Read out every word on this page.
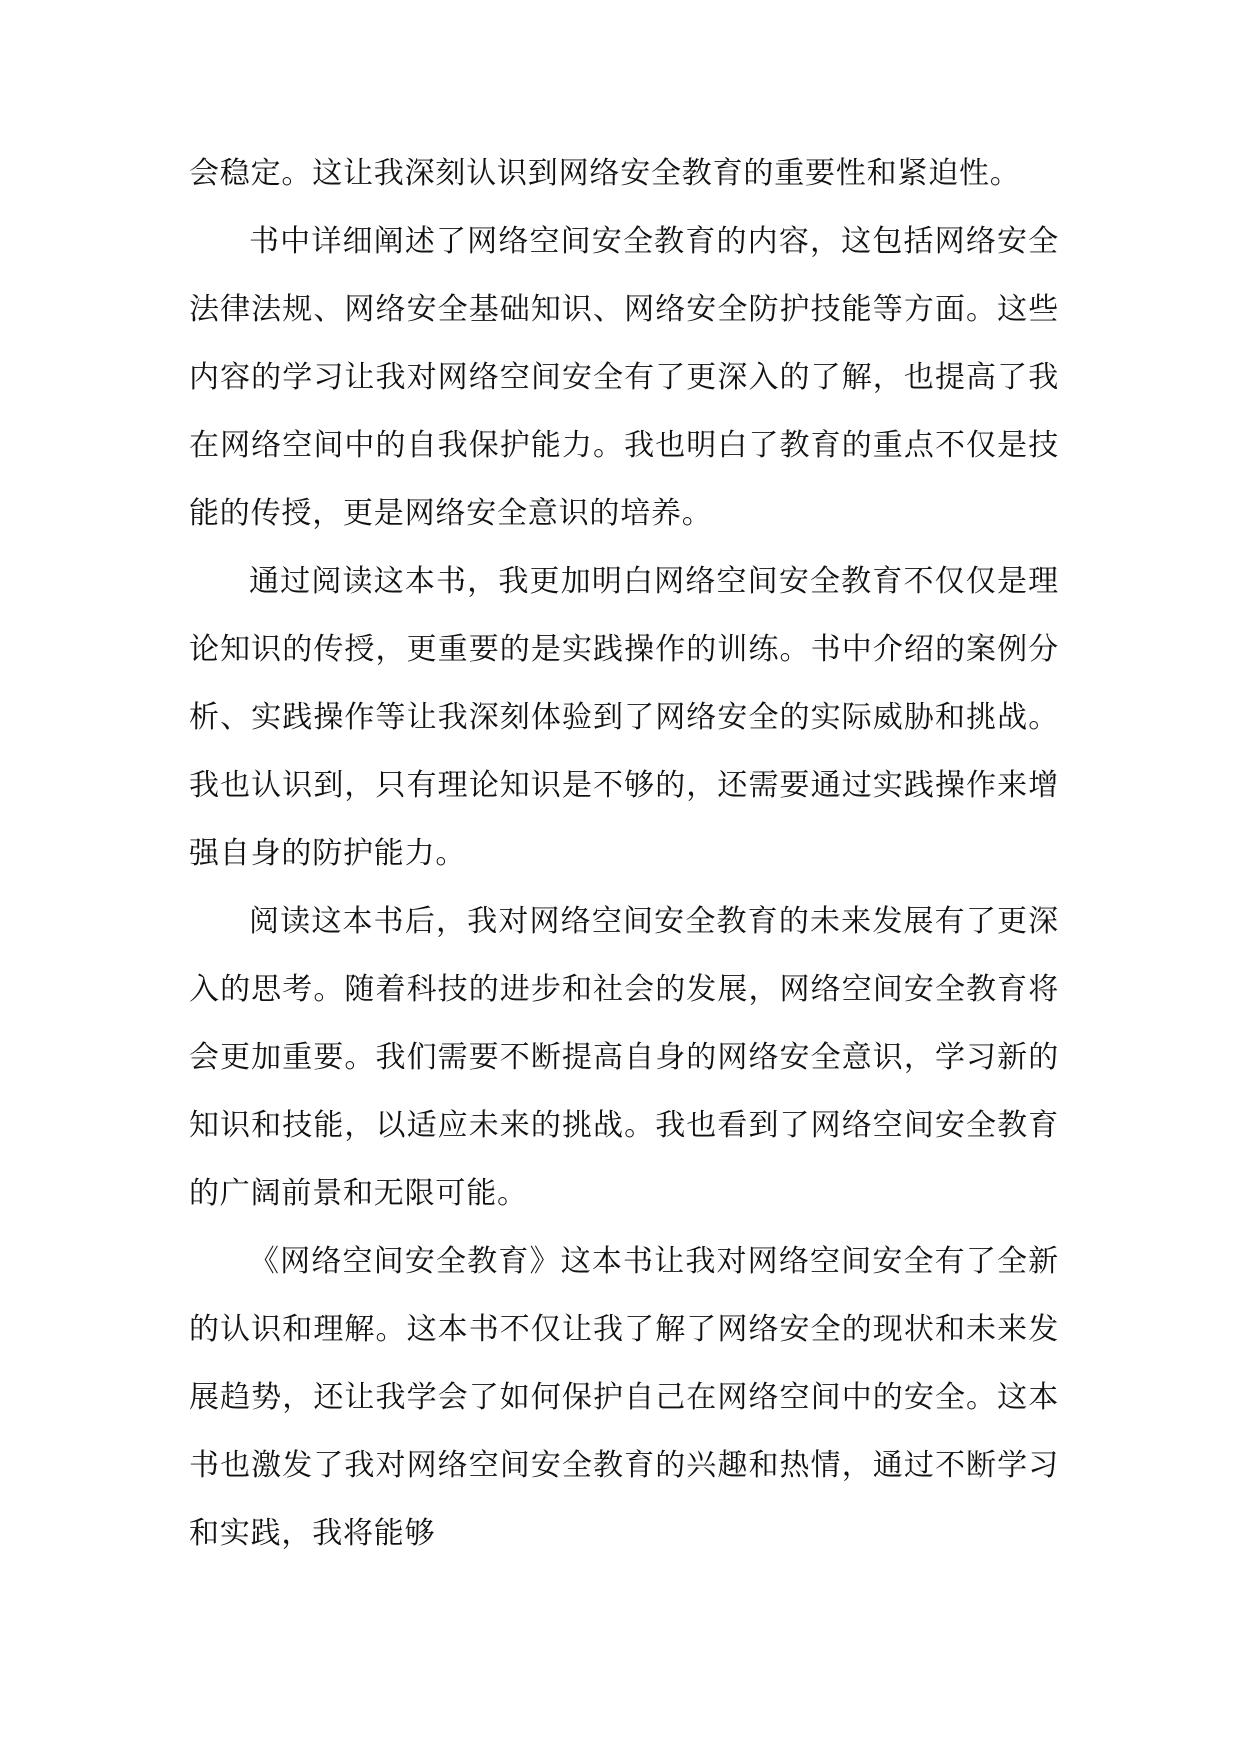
会稳定。这让我深刻认识到网络安全教育的重要性和紧迫性。

书中详细阐述了网络空间安全教育的内容，这包括网络安全法律法规、网络安全基础知识、网络安全防护技能等方面。这些内容的学习让我对网络空间安全有了更深入的了解，也提高了我在网络空间中的自我保护能力。我也明白了教育的重点不仅是技能的传授，更是网络安全意识的培养。

通过阅读这本书，我更加明白网络空间安全教育不仅仅是理论知识的传授，更重要的是实践操作的训练。书中介绍的案例分析、实践操作等让我深刻体验到了网络安全的实际威胁和挑战。我也认识到，只有理论知识是不够的，还需要通过实践操作来增强自身的防护能力。

阅读这本书后，我对网络空间安全教育的未来发展有了更深入的思考。随着科技的进步和社会的发展，网络空间安全教育将会更加重要。我们需要不断提高自身的网络安全意识，学习新的知识和技能，以适应未来的挑战。我也看到了网络空间安全教育的广阔前景和无限可能。

《网络空间安全教育》这本书让我对网络空间安全有了全新的认识和理解。这本书不仅让我了解了网络安全的现状和未来发展趋势，还让我学会了如何保护自己在网络空间中的安全。这本书也激发了我对网络空间安全教育的兴趣和热情，通过不断学习和实践，我将能够
